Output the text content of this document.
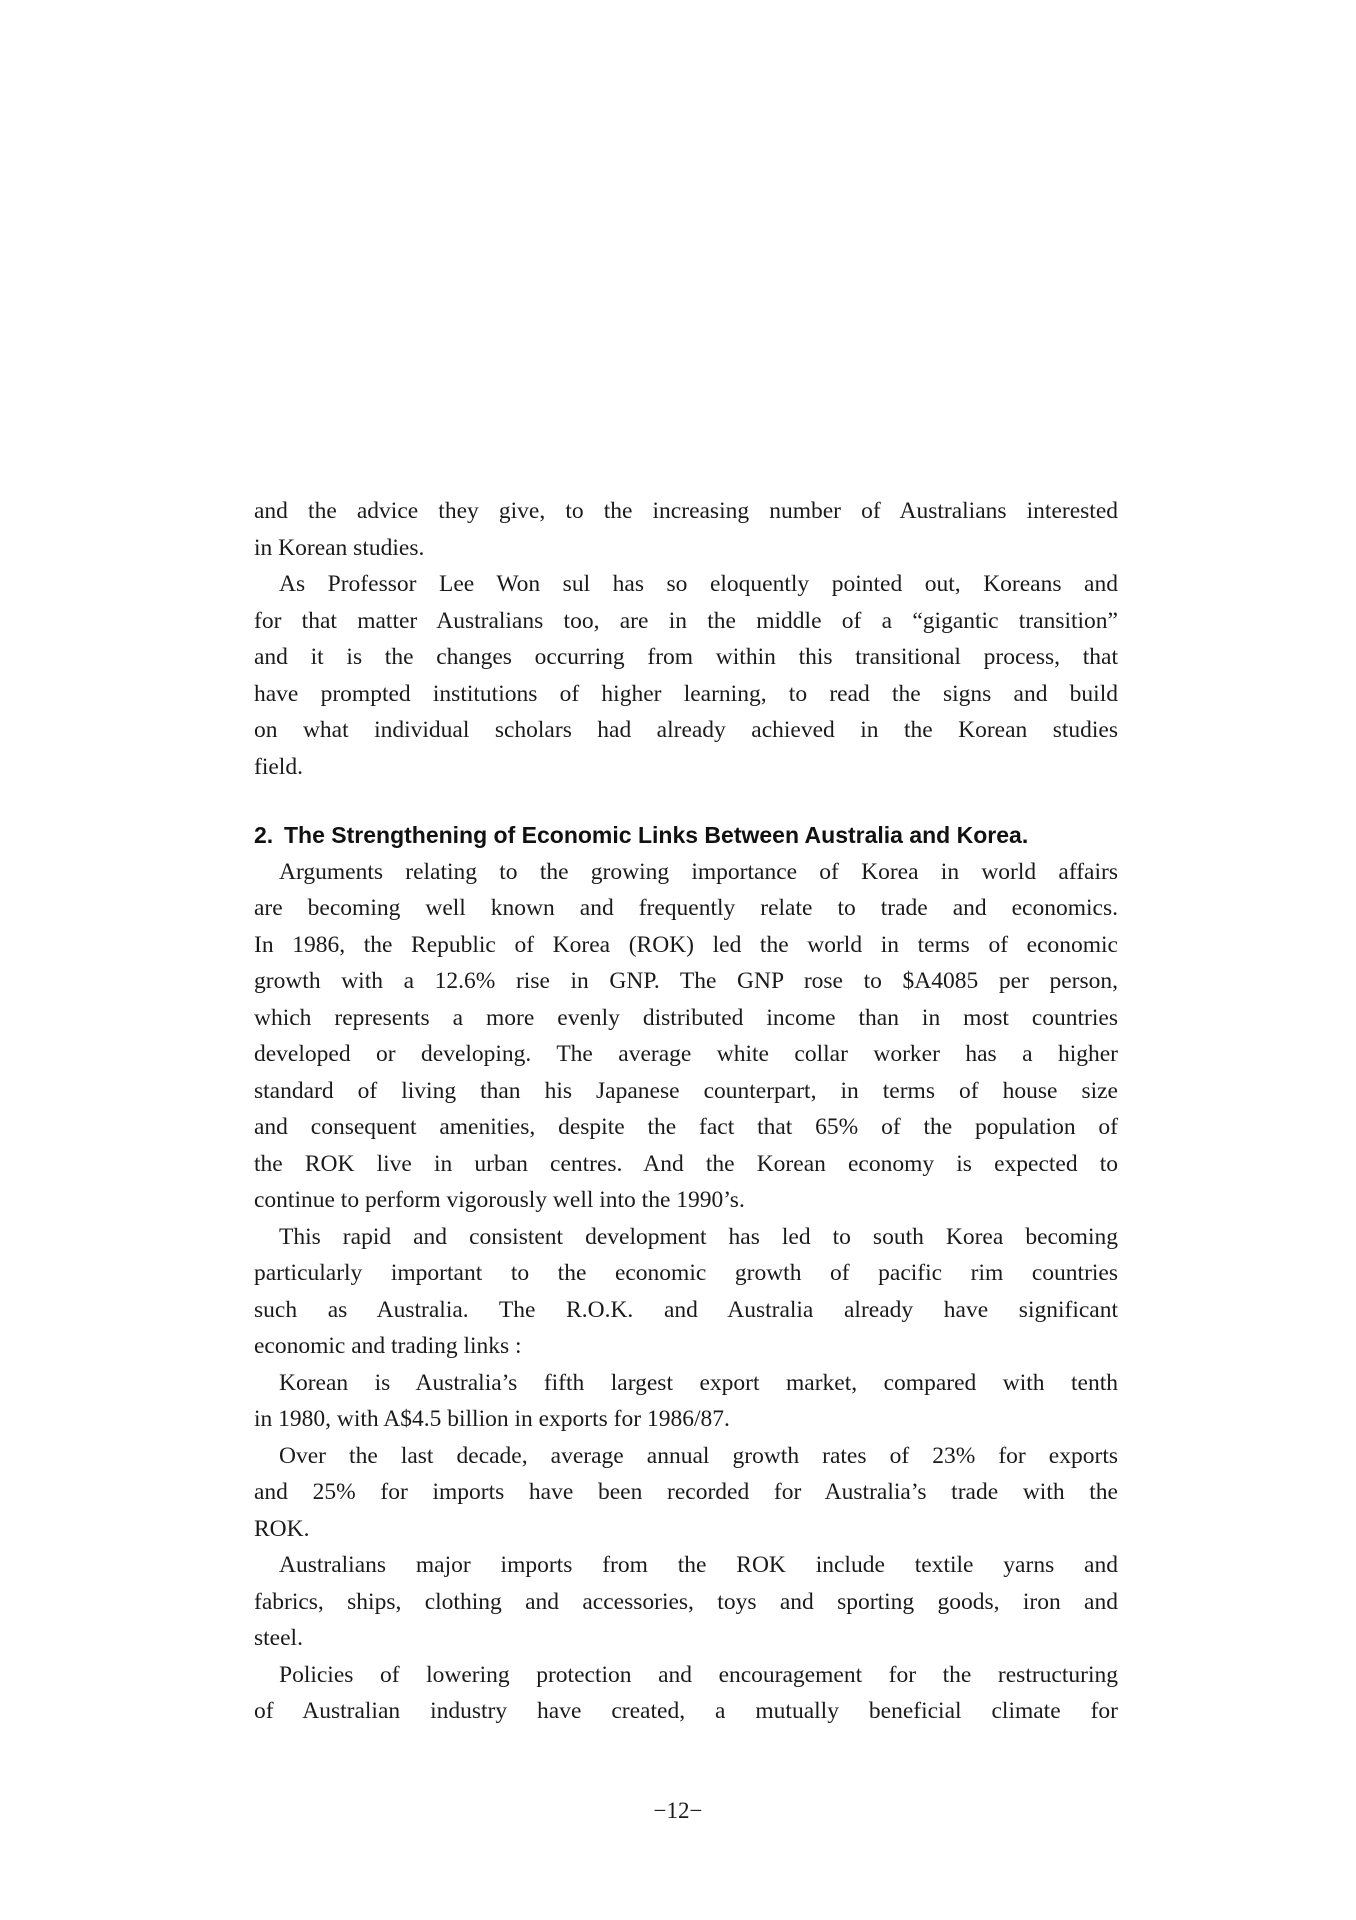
and the advice they give, to the increasing number of Australians interested
in Korean studies.
As Professor Lee Won sul has so eloquently pointed out, Koreans and
for that matter Australians too, are in the middle of a “gigantic transition”
and it is the changes occurring from within this transitional process, that
have prompted institutions of higher learning, to read the signs and build
on what individual scholars had already achieved in the Korean studies
field.
2. The Strengthening of Economic Links Between Australia and Korea.
Arguments relating to the growing importance of Korea in world affairs
are becoming well known and frequently relate to trade and economics.
In 1986, the Republic of Korea (ROK) led the world in terms of economic
growth with a 12.6% rise in GNP. The GNP rose to $A4085 per person,
which represents a more evenly distributed income than in most countries
developed or developing. The average white collar worker has a higher
standard of living than his Japanese counterpart, in terms of house size
and consequent amenities, despite the fact that 65% of the population of
the ROK live in urban centres. And the Korean economy is expected to
continue to perform vigorously well into the 1990’s.
This rapid and consistent development has led to south Korea becoming
particularly important to the economic growth of pacific rim countries
such as Australia. The R.O.K. and Australia already have significant
economic and trading links :
Korean is Australia’s fifth largest export market, compared with tenth
in 1980, with A$4.5 billion in exports for 1986/87.
Over the last decade, average annual growth rates of 23% for exports
and 25% for imports have been recorded for Australia’s trade with the
ROK.
Australians major imports from the ROK include textile yarns and
fabrics, ships, clothing and accessories, toys and sporting goods, iron and
steel.
Policies of lowering protection and encouragement for the restructuring
of Australian industry have created, a mutually beneficial climate for
−12−
